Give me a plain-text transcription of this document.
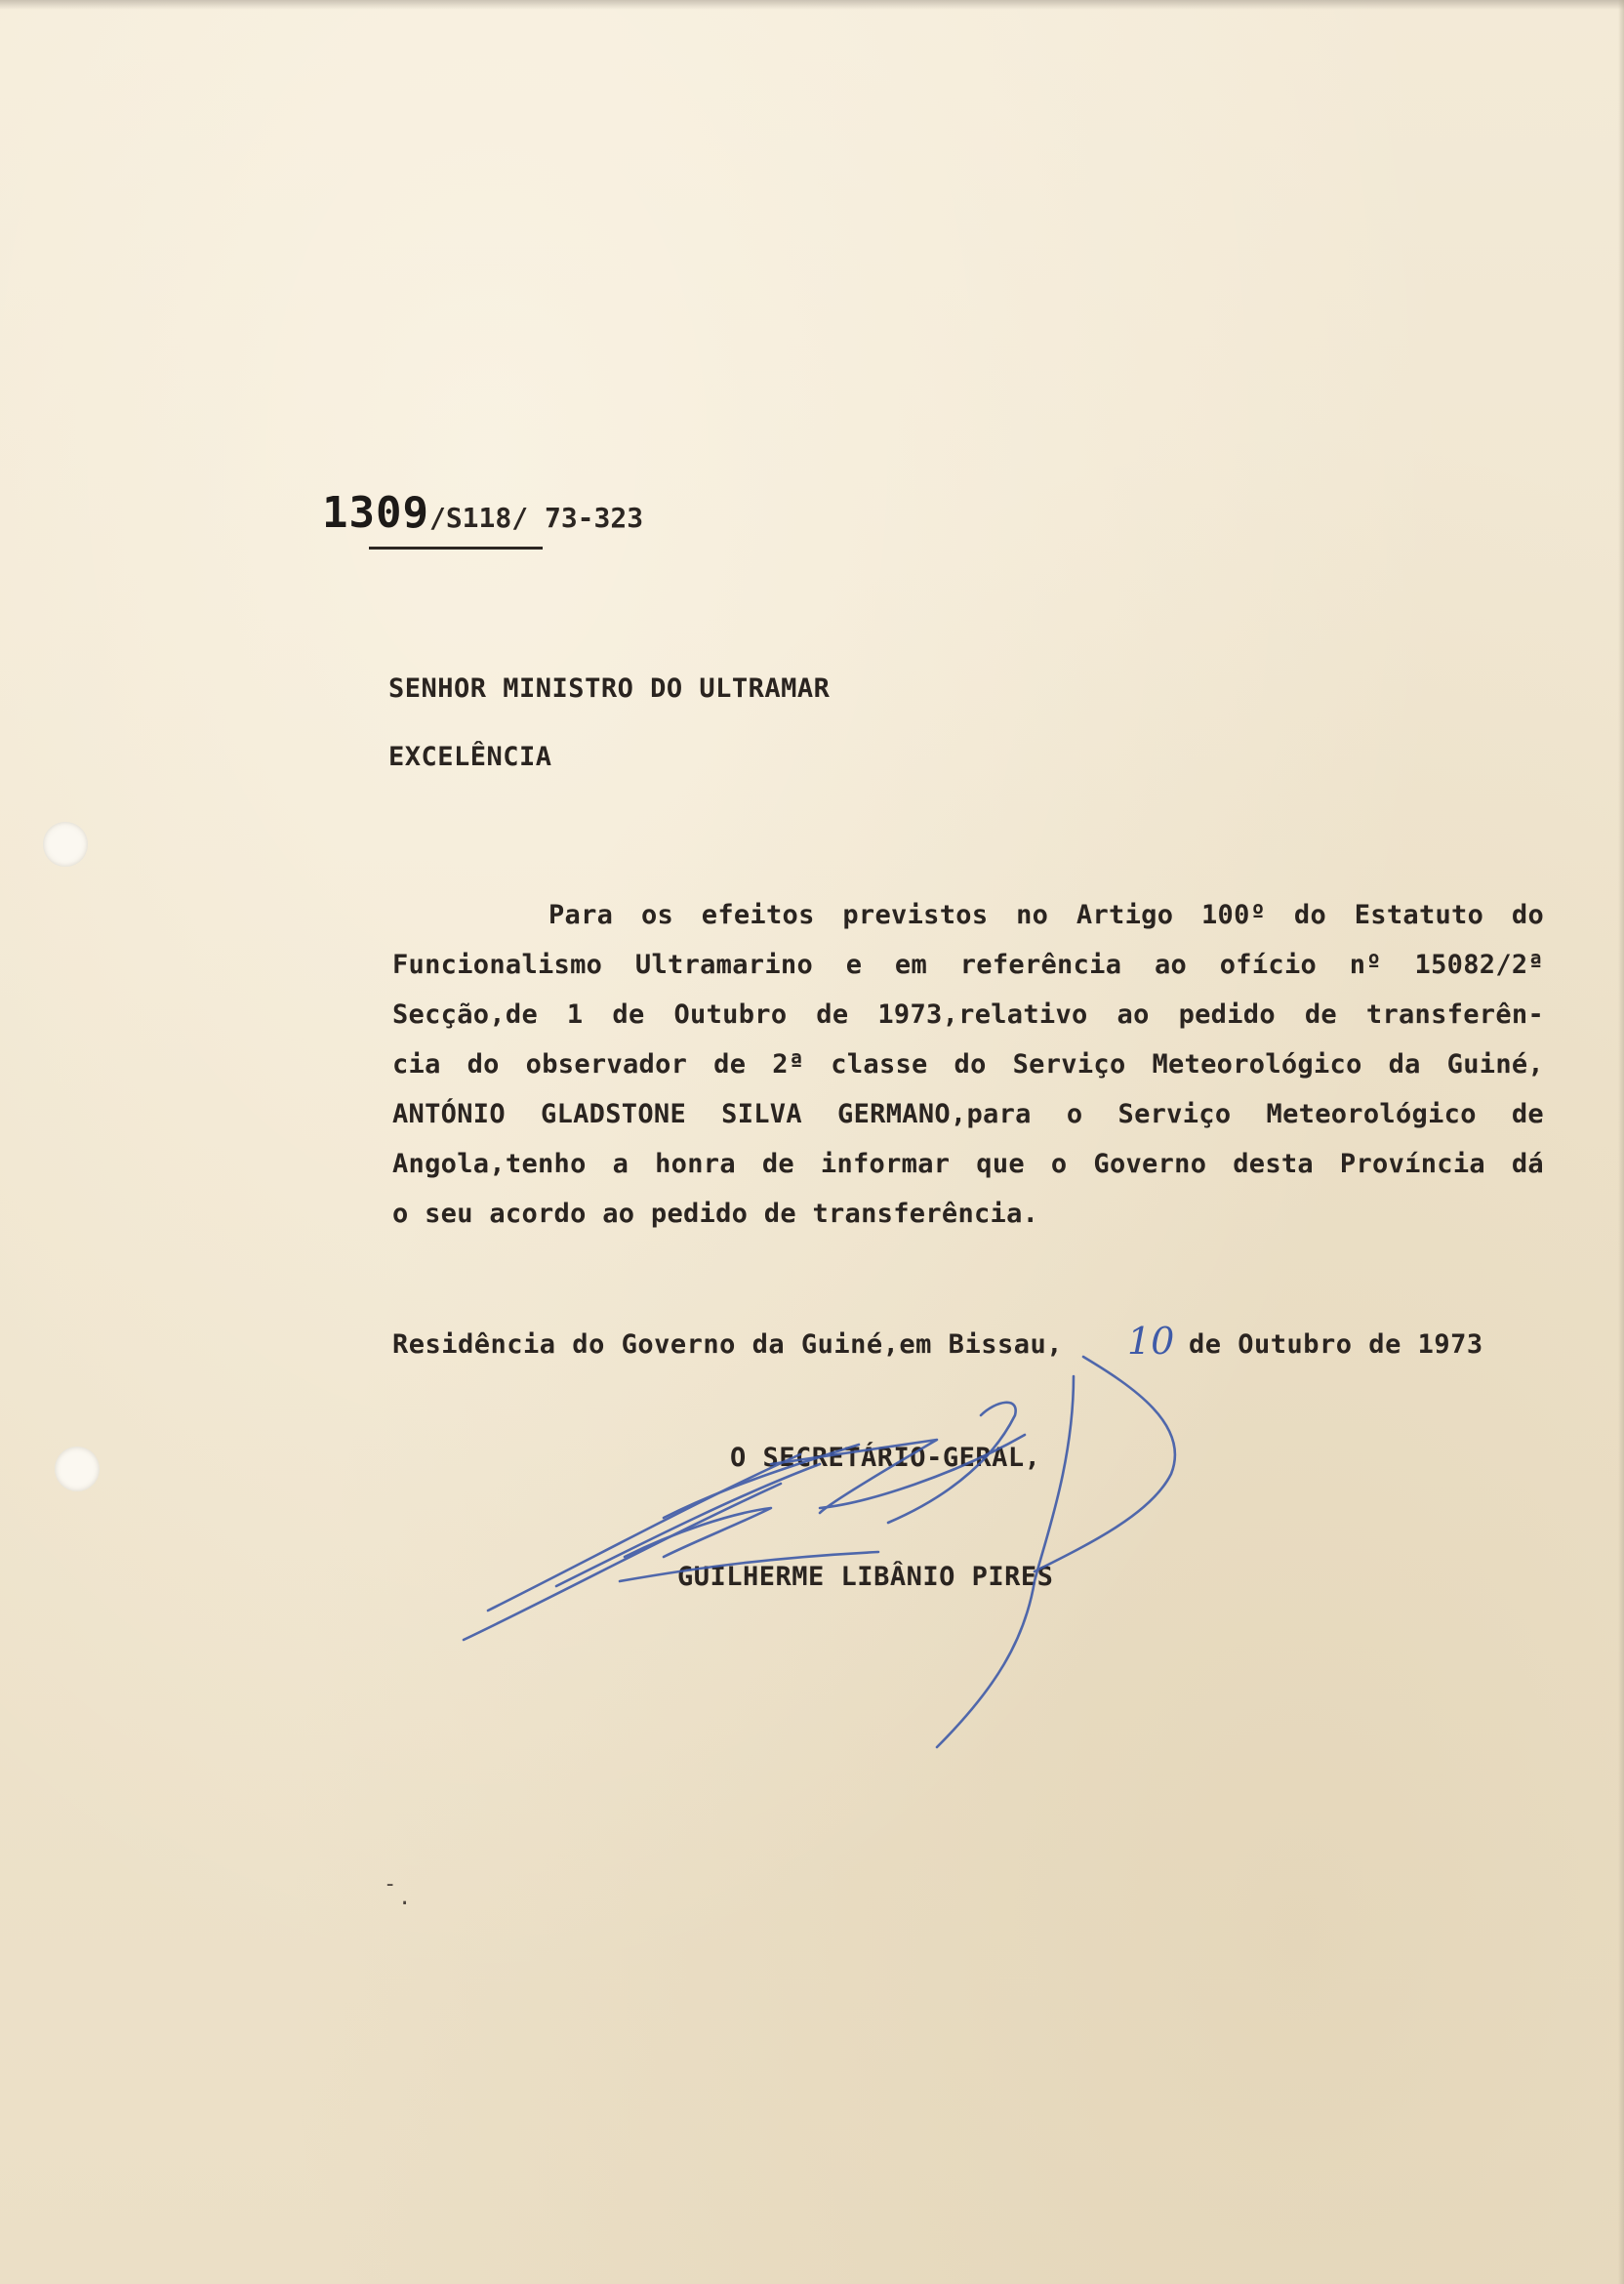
1309/S118/ 73-323
SENHOR MINISTRO DO ULTRAMAR
EXCELÊNCIA
Para os efeitos previstos no Artigo 100º do Estatuto do
Funcionalismo Ultramarino e em referência ao ofício nº 15082/2ª
Secção,de 1 de Outubro de 1973,relativo ao pedido de transferên-
cia do observador de 2ª classe do Serviço Meteorológico da Guiné,
ANTÓNIO GLADSTONE SILVA GERMANO,para o Serviço Meteorológico de
Angola,tenho a honra de informar que o Governo desta Província dá
o seu acordo ao pedido de transferência.
Residência do Governo da Guiné,em Bissau, 10 de Outubro de 1973
O SECRETÁRIO-GERAL,
GUILHERME LIBÂNIO PIRES
-
.
